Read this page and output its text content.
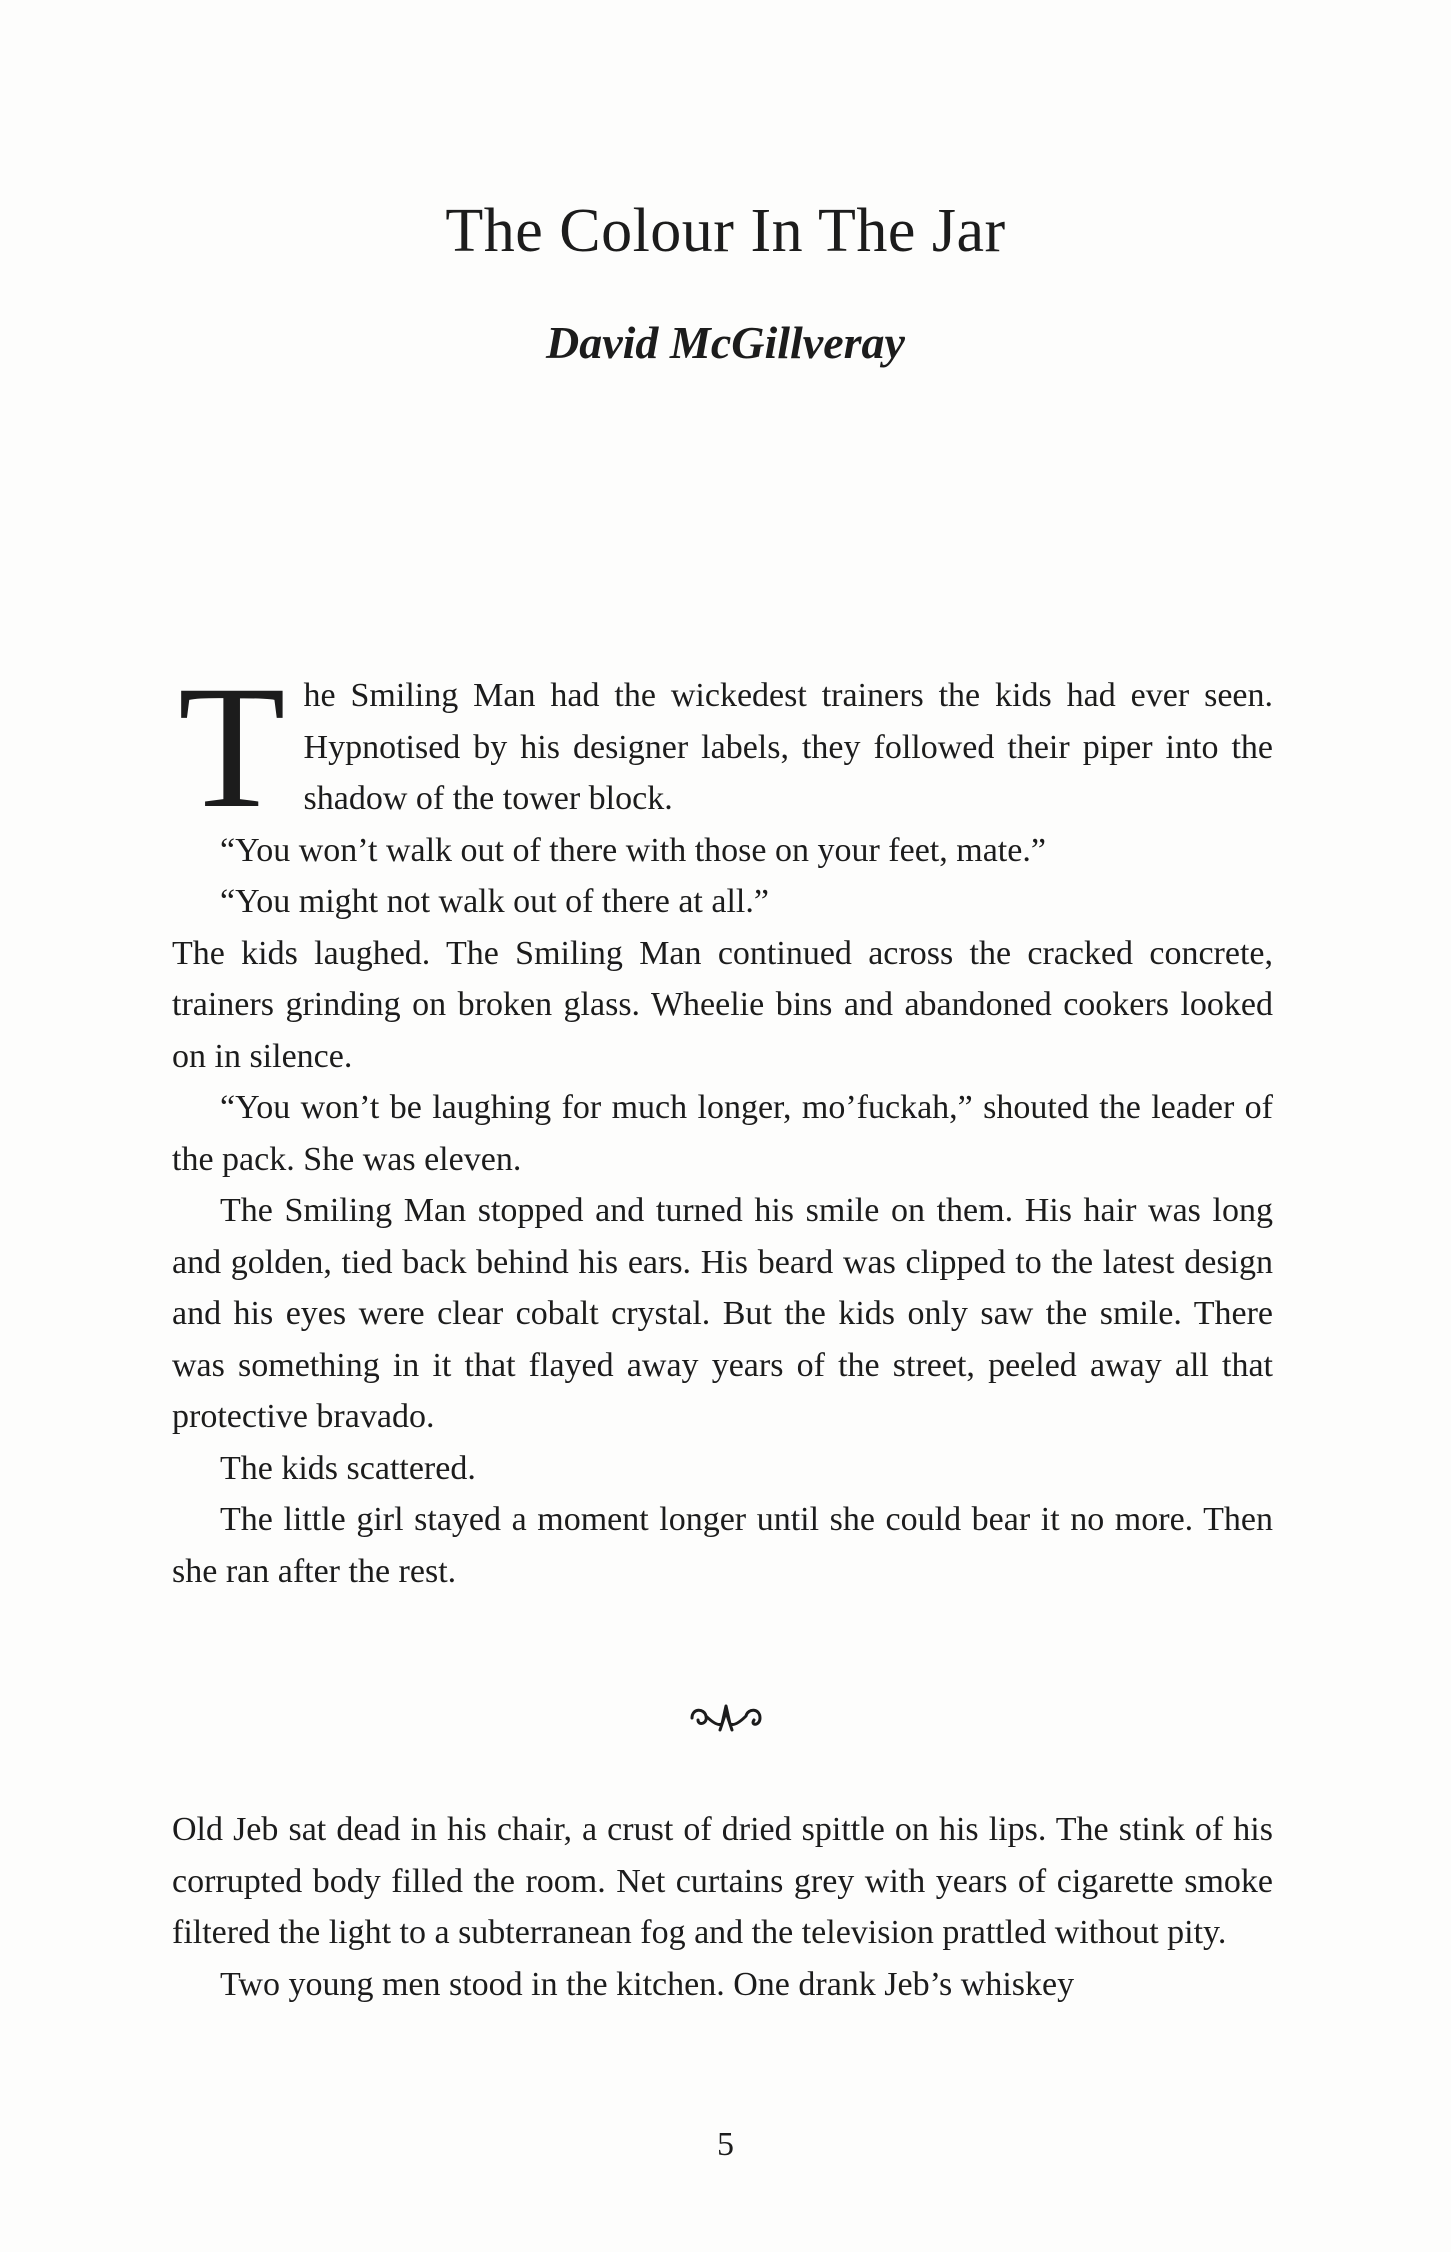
The Colour In The Jar
David McGillveray

The Smiling Man had the wickedest trainers the kids had ever seen. Hypnotised by his designer labels, they followed their piper into the shadow of the tower block.

“You won’t walk out of there with those on your feet, mate.”

“You might not walk out of there at all.”

The kids laughed. The Smiling Man continued across the cracked concrete, trainers grinding on broken glass. Wheelie bins and abandoned cookers looked on in silence.

“You won’t be laughing for much longer, mo’fuckah,” shouted the leader of the pack. She was eleven.

The Smiling Man stopped and turned his smile on them. His hair was long and golden, tied back behind his ears. His beard was clipped to the latest design and his eyes were clear cobalt crystal. But the kids only saw the smile. There was something in it that flayed away years of the street, peeled away all that protective bravado.

The kids scattered.

The little girl stayed a moment longer until she could bear it no more. Then she ran after the rest.

Old Jeb sat dead in his chair, a crust of dried spittle on his lips. The stink of his corrupted body filled the room. Net curtains grey with years of cigarette smoke filtered the light to a subterranean fog and the television prattled without pity.

Two young men stood in the kitchen. One drank Jeb’s whiskey

5
